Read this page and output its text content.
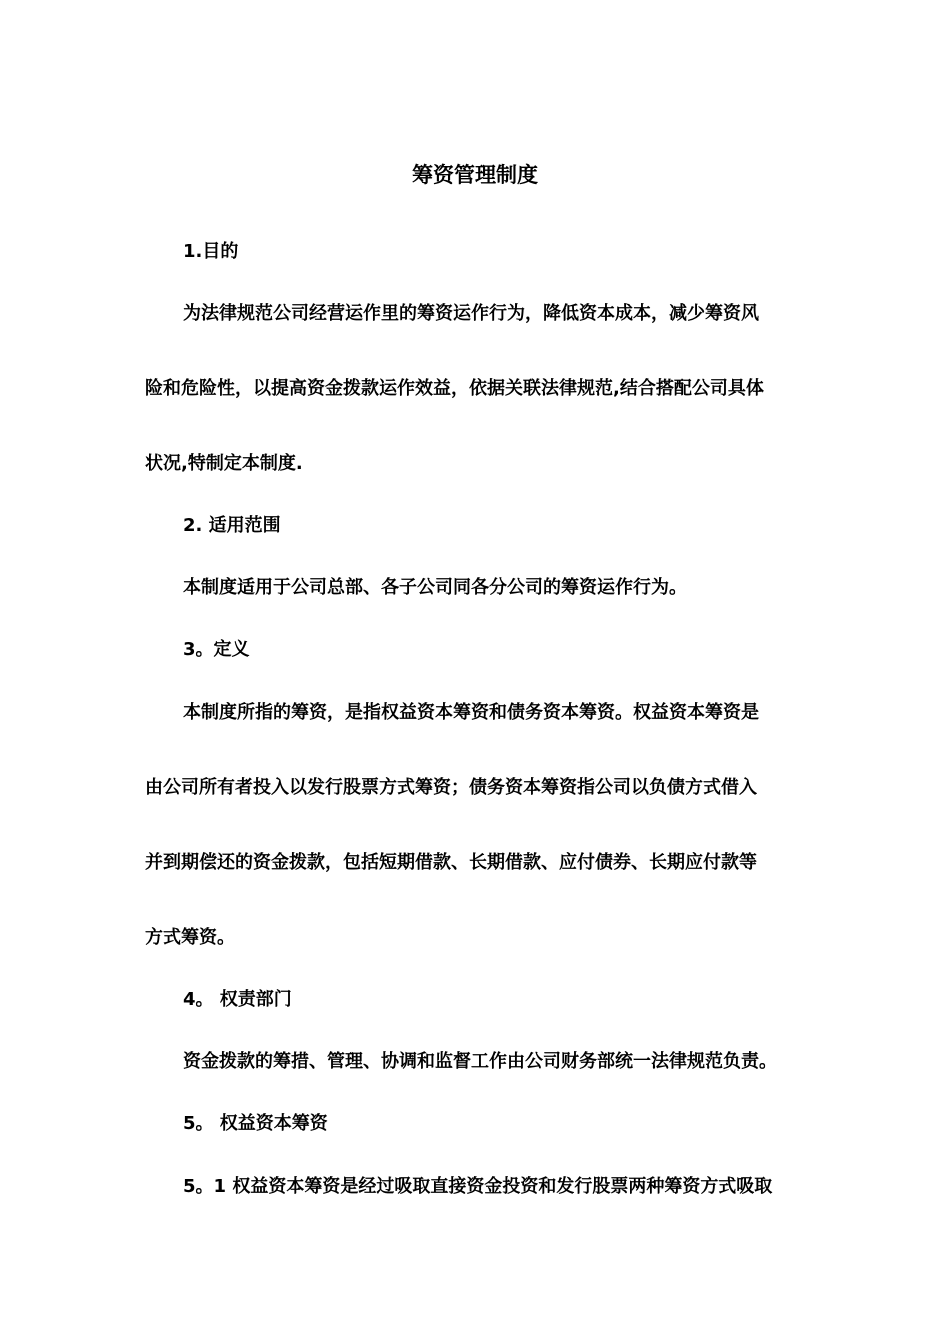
筹资管理制度
1.目的
为法律规范公司经营运作里的筹资运作行为，降低资本成本，减少筹资风
险和危险性，以提高资金拨款运作效益，依据关联法律规范,结合搭配公司具体
状况,特制定本制度.
2. 适用范围
本制度适用于公司总部、各子公司同各分公司的筹资运作行为。
3。定义
本制度所指的筹资，是指权益资本筹资和债务资本筹资。权益资本筹资是
由公司所有者投入以发行股票方式筹资；债务资本筹资指公司以负债方式借入
并到期偿还的资金拨款，包括短期借款、长期借款、应付债券、长期应付款等
方式筹资。
4。 权责部门
资金拨款的筹措、管理、协调和监督工作由公司财务部统一法律规范负责。
5。 权益资本筹资
5。1 权益资本筹资是经过吸取直接资金投资和发行股票两种筹资方式吸取
